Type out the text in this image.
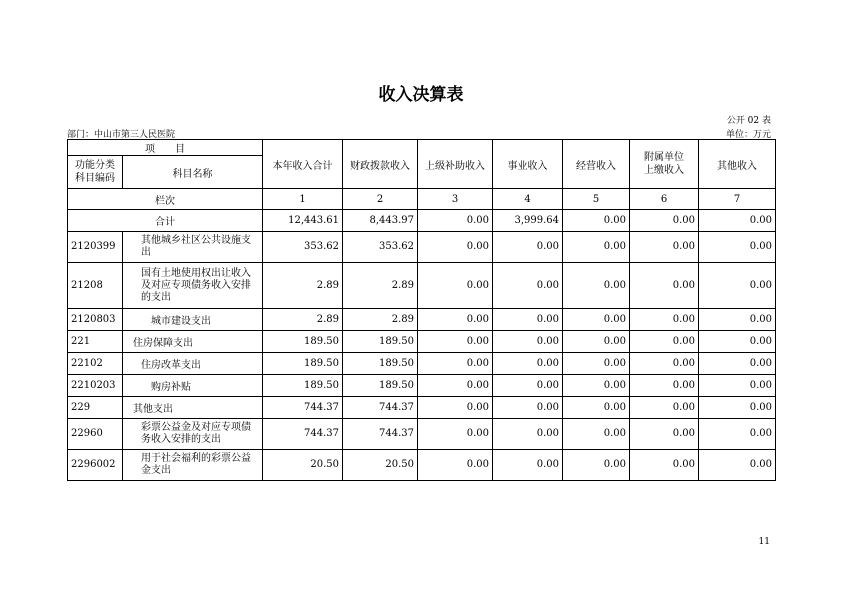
收入决算表
公开 02 表
部门：中山市第三人民医院	单位：万元
项　　目		本年收入合计	财政拨款收入	上级补助收入	事业收入	经营收入	附属单位上缴收入	其他收入
功能分类
科目编码	科目名称							
栏次		1	2	3	4	5	6	7
合计		12,443.61	8,443.97	0.00	3,999.64	0.00	0.00	0.00
2120399	其他城乡社区公共设施支出	353.62	353.62	0.00	0.00	0.00	0.00	0.00
21208	国有土地使用权出让收入及对应专项债务收入安排的支出	2.89	2.89	0.00	0.00	0.00	0.00	0.00
2120803	城市建设支出	2.89	2.89	0.00	0.00	0.00	0.00	0.00
221	住房保障支出	189.50	189.50	0.00	0.00	0.00	0.00	0.00
22102	住房改革支出	189.50	189.50	0.00	0.00	0.00	0.00	0.00
2210203	购房补贴	189.50	189.50	0.00	0.00	0.00	0.00	0.00
229	其他支出	744.37	744.37	0.00	0.00	0.00	0.00	0.00
22960	彩票公益金及对应专项债务收入安排的支出	744.37	744.37	0.00	0.00	0.00	0.00	0.00
2296002	用于社会福利的彩票公益金支出	20.50	20.50	0.00	0.00	0.00	0.00	0.00
11
